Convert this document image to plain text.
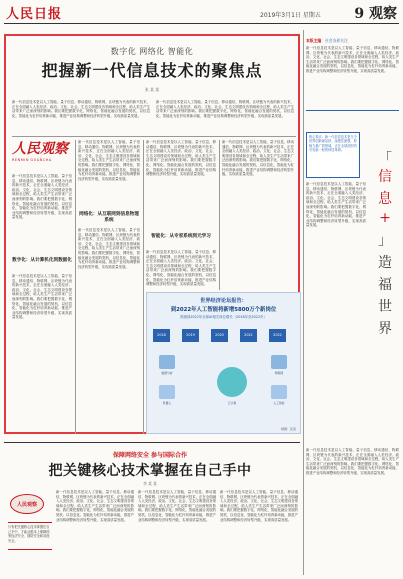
人民日报	2019年3月1日 星期五 9 观察
数字化 网络化 智能化
把握新一代信息技术的聚焦点
张 某 某
新一代信息技术是以人工智能、量子信息、移动通信、物联网、区块链为代表的新兴技术，正在全面融入人类经济、政治、文化、社会、生态文明建设各领域和全过程，给人类生产生活带来广泛而深刻的影响。我们要把握数字化、网络化、智能化融合发展的契机，以信息化、智能化为杠杆培育新动能，推进产业结构调整和经济转型升级，实现高质量发展。
新一代信息技术是以人工智能、量子信息、移动通信、物联网、区块链为代表的新兴技术，正在全面融入人类经济、政治、文化、社会、生态文明建设各领域和全过程，给人类生产生活带来广泛而深刻的影响。我们要把握数字化、网络化、智能化融合发展的契机，以信息化、智能化为杠杆培育新动能，推进产业结构调整和经济转型升级，实现高质量发展。
人民观察
RENMIN GUANCHA
新一代信息技术是以人工智能、量子信息、移动通信、物联网、区块链为代表的新兴技术，正在全面融入人类经济、政治、文化、社会、生态文明建设各领域和全过程，给人类生产生活带来广泛而深刻的影响。我们要把握数字化、网络化、智能化融合发展的契机，以信息化、智能化为杠杆培育新动能，推进产业结构调整和经济转型升级，实现高质量发展。
数字化：从计算机化到数据化
新一代信息技术是以人工智能、量子信息、移动通信、物联网、区块链为代表的新兴技术，正在全面融入人类经济、政治、文化、社会、生态文明建设各领域和全过程，给人类生产生活带来广泛而深刻的影响。我们要把握数字化、网络化、智能化融合发展的契机，以信息化、智能化为杠杆培育新动能，推进产业结构调整和经济转型升级，实现高质量发展。
新一代信息技术是以人工智能、量子信息、移动通信、物联网、区块链为代表的新兴技术，正在全面融入人类经济、政治、文化、社会、生态文明建设各领域和全过程，给人类生产生活带来广泛而深刻的影响。我们要把握数字化、网络化、智能化融合发展的契机，以信息化、智能化为杠杆培育新动能，推进产业结构调整和经济转型升级，实现高质量发展。
网络化：从互联网到信息物理系统
新一代信息技术是以人工智能、量子信息、移动通信、物联网、区块链为代表的新兴技术，正在全面融入人类经济、政治、文化、社会、生态文明建设各领域和全过程，给人类生产生活带来广泛而深刻的影响。我们要把握数字化、网络化、智能化融合发展的契机，以信息化、智能化为杠杆培育新动能，推进产业结构调整和经济转型升级，实现高质量发展。
新一代信息技术是以人工智能、量子信息、移动通信、物联网、区块链为代表的新兴技术，正在全面融入人类经济、政治、文化、社会、生态文明建设各领域和全过程，给人类生产生活带来广泛而深刻的影响。我们要把握数字化、网络化、智能化融合发展的契机，以信息化、智能化为杠杆培育新动能，推进产业结构调整和经济转型升级，实现高质量发展。
智能化：从专家系统到元学习
新一代信息技术是以人工智能、量子信息、移动通信、物联网、区块链为代表的新兴技术，正在全面融入人类经济、政治、文化、社会、生态文明建设各领域和全过程，给人类生产生活带来广泛而深刻的影响。我们要把握数字化、网络化、智能化融合发展的契机，以信息化、智能化为杠杆培育新动能，推进产业结构调整和经济转型升级，实现高质量发展。
新一代信息技术是以人工智能、量子信息、移动通信、物联网、区块链为代表的新兴技术，正在全面融入人类经济、政治、文化、社会、生态文明建设各领域和全过程，给人类生产生活带来广泛而深刻的影响。我们要把握数字化、网络化、智能化融合发展的契机，以信息化、智能化为杠杆培育新动能，推进产业结构调整和经济转型升级，实现高质量发展。
世界经济论坛报告：
到2022年人工智能将新增5800万个新岗位
预测到2022年全球AI相关岗位增长（2018年至2022年）
2018	2019	2020	2021	2022
数据分析
机器人	云计算
物联网
人工智能
制图：张某
本版主编：社会各界关注
新一代信息技术是以人工智能、量子信息、移动通信、物联网、区块链为代表的新兴技术，正在全面融入人类经济、政治、文化、社会、生态文明建设各领域和全过程，给人类生产生活带来广泛而深刻的影响。我们要把握数字化、网络化、智能化融合发展的契机，以信息化、智能化为杠杆培育新动能，推进产业结构调整和经济转型升级，实现高质量发展。
核心观点：新一代信息技术是当今世界创新最活跃、渗透性最强、影响力最广的领域，正在全球范围内引发新一轮的科技革命。
新一代信息技术是以人工智能、量子信息、移动通信、物联网、区块链为代表的新兴技术，正在全面融入人类经济、政治、文化、社会、生态文明建设各领域和全过程，给人类生产生活带来广泛而深刻的影响。我们要把握数字化、网络化、智能化融合发展的契机，以信息化、智能化为杠杆培育新动能，推进产业结构调整和经济转型升级，实现高质量发展。
「
信
息
+
」
造
福
世
界
新一代信息技术是以人工智能、量子信息、移动通信、物联网、区块链为代表的新兴技术，正在全面融入人类经济、政治、文化、社会、生态文明建设各领域和全过程，给人类生产生活带来广泛而深刻的影响。我们要把握数字化、网络化、智能化融合发展的契机，以信息化、智能化为杠杆培育新动能，推进产业结构调整和经济转型升级，实现高质量发展。
保障网络安全 参与国际合作
把关键核心技术掌握在自己手中
李 某 某
人民观察
只有把关键核心技术掌握在自己手中，才能从根本上保障国家经济安全、国防安全和其他安全。
新一代信息技术是以人工智能、量子信息、移动通信、物联网、区块链为代表的新兴技术，正在全面融入人类经济、政治、文化、社会、生态文明建设各领域和全过程，给人类生产生活带来广泛而深刻的影响。我们要把握数字化、网络化、智能化融合发展的契机，以信息化、智能化为杠杆培育新动能，推进产业结构调整和经济转型升级，实现高质量发展。
新一代信息技术是以人工智能、量子信息、移动通信、物联网、区块链为代表的新兴技术，正在全面融入人类经济、政治、文化、社会、生态文明建设各领域和全过程，给人类生产生活带来广泛而深刻的影响。我们要把握数字化、网络化、智能化融合发展的契机，以信息化、智能化为杠杆培育新动能，推进产业结构调整和经济转型升级，实现高质量发展。
新一代信息技术是以人工智能、量子信息、移动通信、物联网、区块链为代表的新兴技术，正在全面融入人类经济、政治、文化、社会、生态文明建设各领域和全过程，给人类生产生活带来广泛而深刻的影响。我们要把握数字化、网络化、智能化融合发展的契机，以信息化、智能化为杠杆培育新动能，推进产业结构调整和经济转型升级，实现高质量发展。
